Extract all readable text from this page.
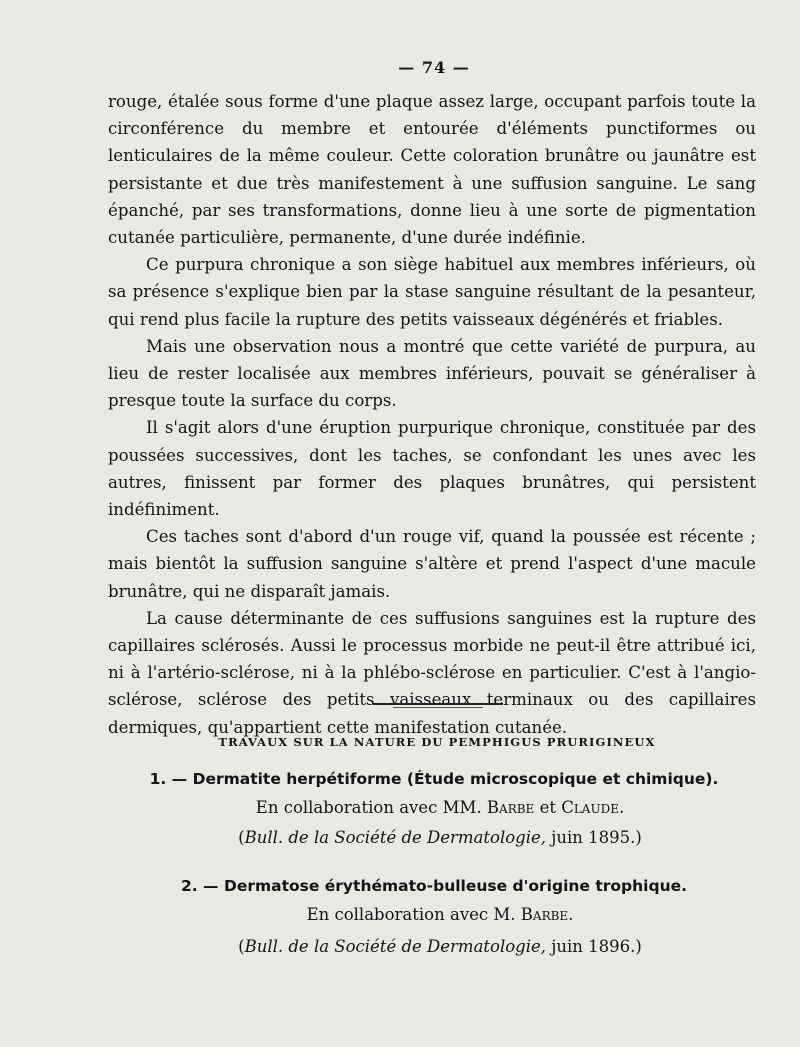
— 74 —

rouge, étalée sous forme d'une plaque assez large, occupant parfois toute la circonférence du membre et entourée d'éléments punctiformes ou lenticulaires de la même couleur. Cette coloration brunâtre ou jaunâtre est persistante et due très manifestement à une suffusion sanguine. Le sang épanché, par ses transformations, donne lieu à une sorte de pigmentation cutanée particulière, permanente, d'une durée indéfinie.

Ce purpura chronique a son siège habituel aux membres inférieurs, où sa présence s'explique bien par la stase sanguine résultant de la pesanteur, qui rend plus facile la rupture des petits vaisseaux dégénérés et friables.

Mais une observation nous a montré que cette variété de purpura, au lieu de rester localisée aux membres inférieurs, pouvait se généraliser à presque toute la surface du corps.

Il s'agit alors d'une éruption purpurique chronique, constituée par des poussées successives, dont les taches, se confondant les unes avec les autres, finissent par former des plaques brunâtres, qui persistent indéfiniment.

Ces taches sont d'abord d'un rouge vif, quand la poussée est récente ; mais bientôt la suffusion sanguine s'altère et prend l'aspect d'une macule brunâtre, qui ne disparaît jamais.

La cause déterminante de ces suffusions sanguines est la rupture des capillaires sclérosés. Aussi le processus morbide ne peut-il être attribué ici, ni à l'artério-sclérose, ni à la phlébo-sclérose en particulier. C'est à l'angio-sclérose, sclérose des petits vaisseaux terminaux ou des capillaires dermiques, qu'appartient cette manifestation cutanée.

TRAVAUX SUR LA NATURE DU PEMPHIGUS PRURIGINEUX
1. — Dermatite herpétiforme (Étude microscopique et chimique).
En collaboration avec MM. Barbe et Claude.
(Bull. de la Société de Dermatologie, juin 1895.)
2. — Dermatose érythémato-bulleuse d'origine trophique.
En collaboration avec M. Barbe.
(Bull. de la Société de Dermatologie, juin 1896.)
